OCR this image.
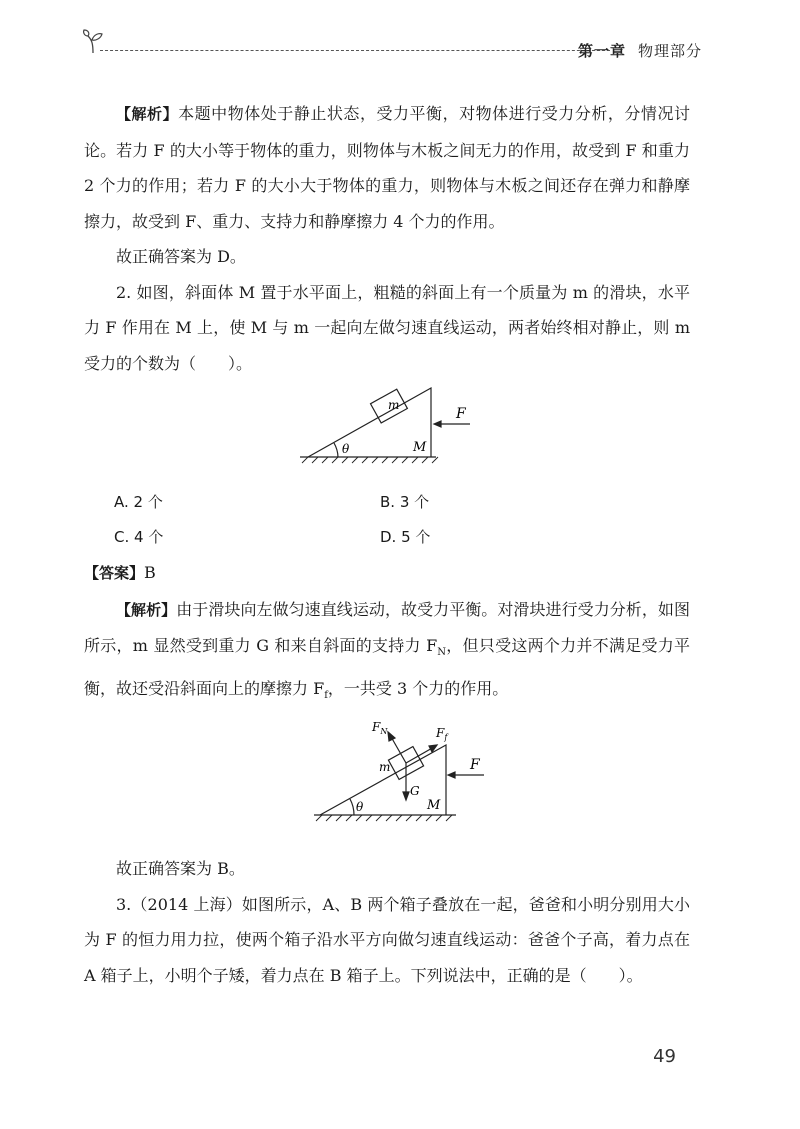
第一章 物理部分

【解析】本题中物体处于静止状态，受力平衡，对物体进行受力分析，分情况讨论。若力 F 的大小等于物体的重力，则物体与木板之间无力的作用，故受到 F 和重力 2 个力的作用；若力 F 的大小大于物体的重力，则物体与木板之间还存在弹力和静摩擦力，故受到 F、重力、支持力和静摩擦力 4 个力的作用。

故正确答案为 D。

2. 如图，斜面体 M 置于水平面上，粗糙的斜面上有一个质量为 m 的滑块，水平力 F 作用在 M 上，使 M 与 m 一起向左做匀速直线运动，两者始终相对静止，则 m 受力的个数为（　　）。

m
F
θ	M
A. 2 个	B. 3 个
C. 4 个	D. 5 个

【答案】B

【解析】由于滑块向左做匀速直线运动，故受力平衡。对滑块进行受力分析，如图所示，m 显然受到重力 G 和来自斜面的支持力 $F_N$，但只受这两个力并不满足受力平衡，故还受沿斜面向上的摩擦力 $F_f$，一共受 3 个力的作用。

$F_N$	$F_f$
m
G
F
θ	M

故正确答案为 B。

3.（2014 上海）如图所示，A、B 两个箱子叠放在一起，爸爸和小明分别用大小为 F 的恒力用力拉，使两个箱子沿水平方向做匀速直线运动：爸爸个子高，着力点在 A 箱子上，小明个子矮，着力点在 B 箱子上。下列说法中，正确的是（　　）。

49
